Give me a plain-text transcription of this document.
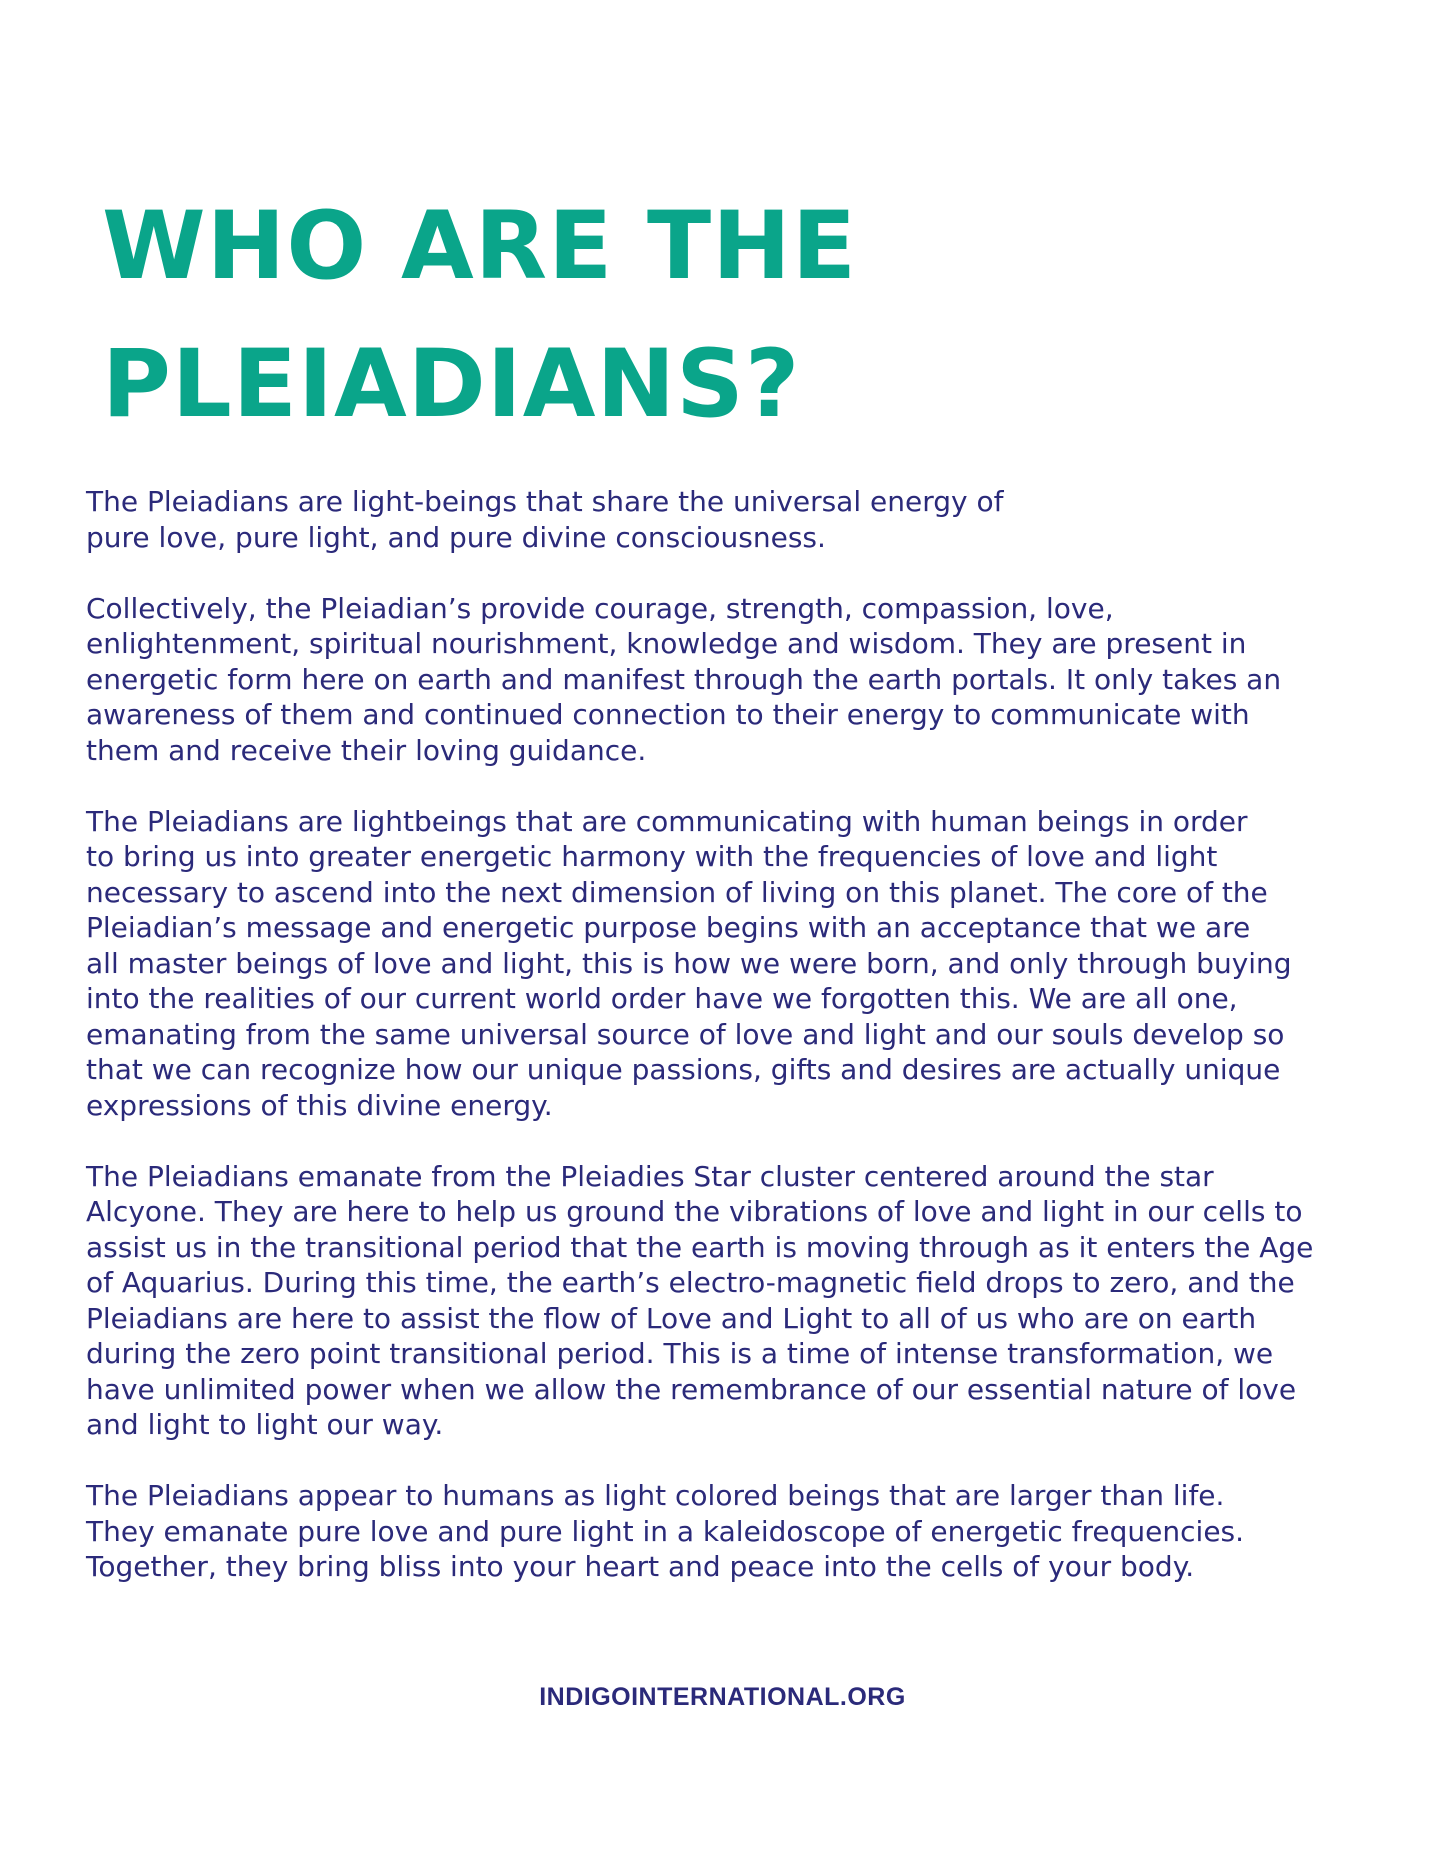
WHO ARE THE
PLEIADIANS?

The Pleiadians are light-beings that share the universal energy of
pure love, pure light, and pure divine consciousness.

Collectively, the Pleiadian’s provide courage, strength, compassion, love,
enlightenment, spiritual nourishment, knowledge and wisdom. They are present in
energetic form here on earth and manifest through the earth portals. It only takes an
awareness of them and continued connection to their energy to communicate with
them and receive their loving guidance.

The Pleiadians are lightbeings that are communicating with human beings in order
to bring us into greater energetic harmony with the frequencies of love and light
necessary to ascend into the next dimension of living on this planet. The core of the
Pleiadian’s message and energetic purpose begins with an acceptance that we are
all master beings of love and light, this is how we were born, and only through buying
into the realities of our current world order have we forgotten this. We are all one,
emanating from the same universal source of love and light and our souls develop so
that we can recognize how our unique passions, gifts and desires are actually unique
expressions of this divine energy.

The Pleiadians emanate from the Pleiadies Star cluster centered around the star
Alcyone. They are here to help us ground the vibrations of love and light in our cells to
assist us in the transitional period that the earth is moving through as it enters the Age
of Aquarius. During this time, the earth’s electro-magnetic field drops to zero, and the
Pleiadians are here to assist the flow of Love and Light to all of us who are on earth
during the zero point transitional period. This is a time of intense transformation, we
have unlimited power when we allow the remembrance of our essential nature of love
and light to light our way.

The Pleiadians appear to humans as light colored beings that are larger than life.
They emanate pure love and pure light in a kaleidoscope of energetic frequencies.
Together, they bring bliss into your heart and peace into the cells of your body.

INDIGOINTERNATIONAL.ORG
